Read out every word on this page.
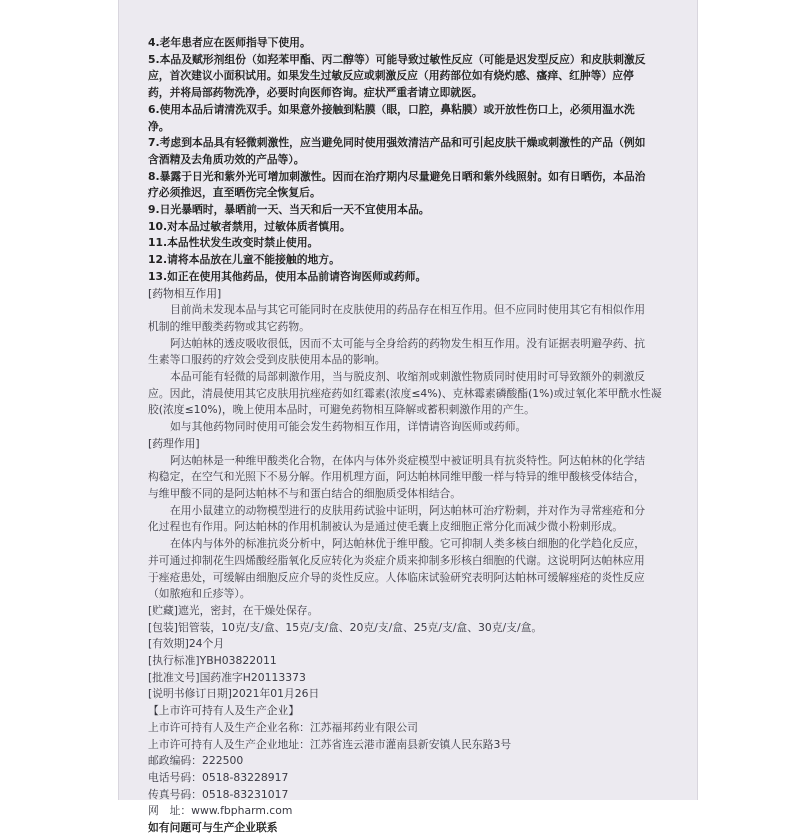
4.老年患者应在医师指导下使用。
5.本品及赋形剂组份（如羟苯甲酯、丙二醇等）可能导致过敏性反应（可能是迟发型反应）和皮肤刺激反
应，首次建议小面积试用。如果发生过敏反应或刺激反应（用药部位如有烧灼感、瘙痒、红肿等）应停
药，并将局部药物洗净，必要时向医师咨询。症状严重者请立即就医。
6.使用本品后请清洗双手。如果意外接触到粘膜（眼，口腔，鼻粘膜）或开放性伤口上，必须用温水洗
净。
7.考虑到本品具有轻微刺激性，应当避免同时使用强效清洁产品和可引起皮肤干燥或刺激性的产品（例如
含酒精及去角质功效的产品等）。
8.暴露于日光和紫外光可增加刺激性。因而在治疗期内尽量避免日晒和紫外线照射。如有日晒伤，本品治
疗必须推迟，直至晒伤完全恢复后。
9.日光暴晒时，暴晒前一天、当天和后一天不宜使用本品。
10.对本品过敏者禁用，过敏体质者慎用。
11.本品性状发生改变时禁止使用。
12.请将本品放在儿童不能接触的地方。
13.如正在使用其他药品，使用本品前请咨询医师或药师。
[药物相互作用]
目前尚未发现本品与其它可能同时在皮肤使用的药品存在相互作用。但不应同时使用其它有相似作用
机制的维甲酸类药物或其它药物。
阿达帕林的透皮吸收很低，因而不太可能与全身给药的药物发生相互作用。没有证据表明避孕药、抗
生素等口服药的疗效会受到皮肤使用本品的影响。
本品可能有轻微的局部刺激作用，当与脱皮剂、收缩剂或刺激性物质同时使用时可导致额外的刺激反
应。因此，清晨使用其它皮肤用抗痤疮药如红霉素(浓度≤4%)、克林霉素磷酸酯(1%)或过氧化苯甲酰水性凝
胶(浓度≤10%)，晚上使用本品时，可避免药物相互降解或蓄积刺激作用的产生。
如与其他药物同时使用可能会发生药物相互作用，详情请咨询医师或药师。
[药理作用]
阿达帕林是一种维甲酸类化合物，在体内与体外炎症模型中被证明具有抗炎特性。阿达帕林的化学结
构稳定，在空气和光照下不易分解。作用机理方面，阿达帕林同维甲酸一样与特异的维甲酸核受体结合，
与维甲酸不同的是阿达帕林不与和蛋白结合的细胞质受体相结合。
在用小鼠建立的动物模型进行的皮肤用药试验中证明，阿达帕林可治疗粉刺，并对作为寻常痤疮和分
化过程也有作用。阿达帕林的作用机制被认为是通过使毛囊上皮细胞正常分化而减少微小粉刺形成。
在体内与体外的标准抗炎分析中，阿达帕林优于维甲酸。它可抑制人类多核白细胞的化学趋化反应，
并可通过抑制花生四烯酸经脂氧化反应转化为炎症介质来抑制多形核白细胞的代谢。这说明阿达帕林应用
于痤疮患处，可缓解由细胞反应介导的炎性反应。人体临床试验研究表明阿达帕林可缓解痤疮的炎性反应
（如脓疱和丘疹等）。
[贮藏]遮光，密封，在干燥处保存。
[包装]铝管装，10克/支/盒、15克/支/盒、20克/支/盒、25克/支/盒、30克/支/盒。
[有效期]24个月
[执行标准]YBH03822011
[批准文号]国药准字H20113373
[说明书修订日期]2021年01月26日
【上市许可持有人及生产企业】
上市许可持有人及生产企业名称：江苏福邦药业有限公司
上市许可持有人及生产企业地址：江苏省连云港市灌南县新安镇人民东路3号
邮政编码：222500
电话号码：0518-83228917
传真号码：0518-83231017
网　址：www.fbpharm.com
如有问题可与生产企业联系
